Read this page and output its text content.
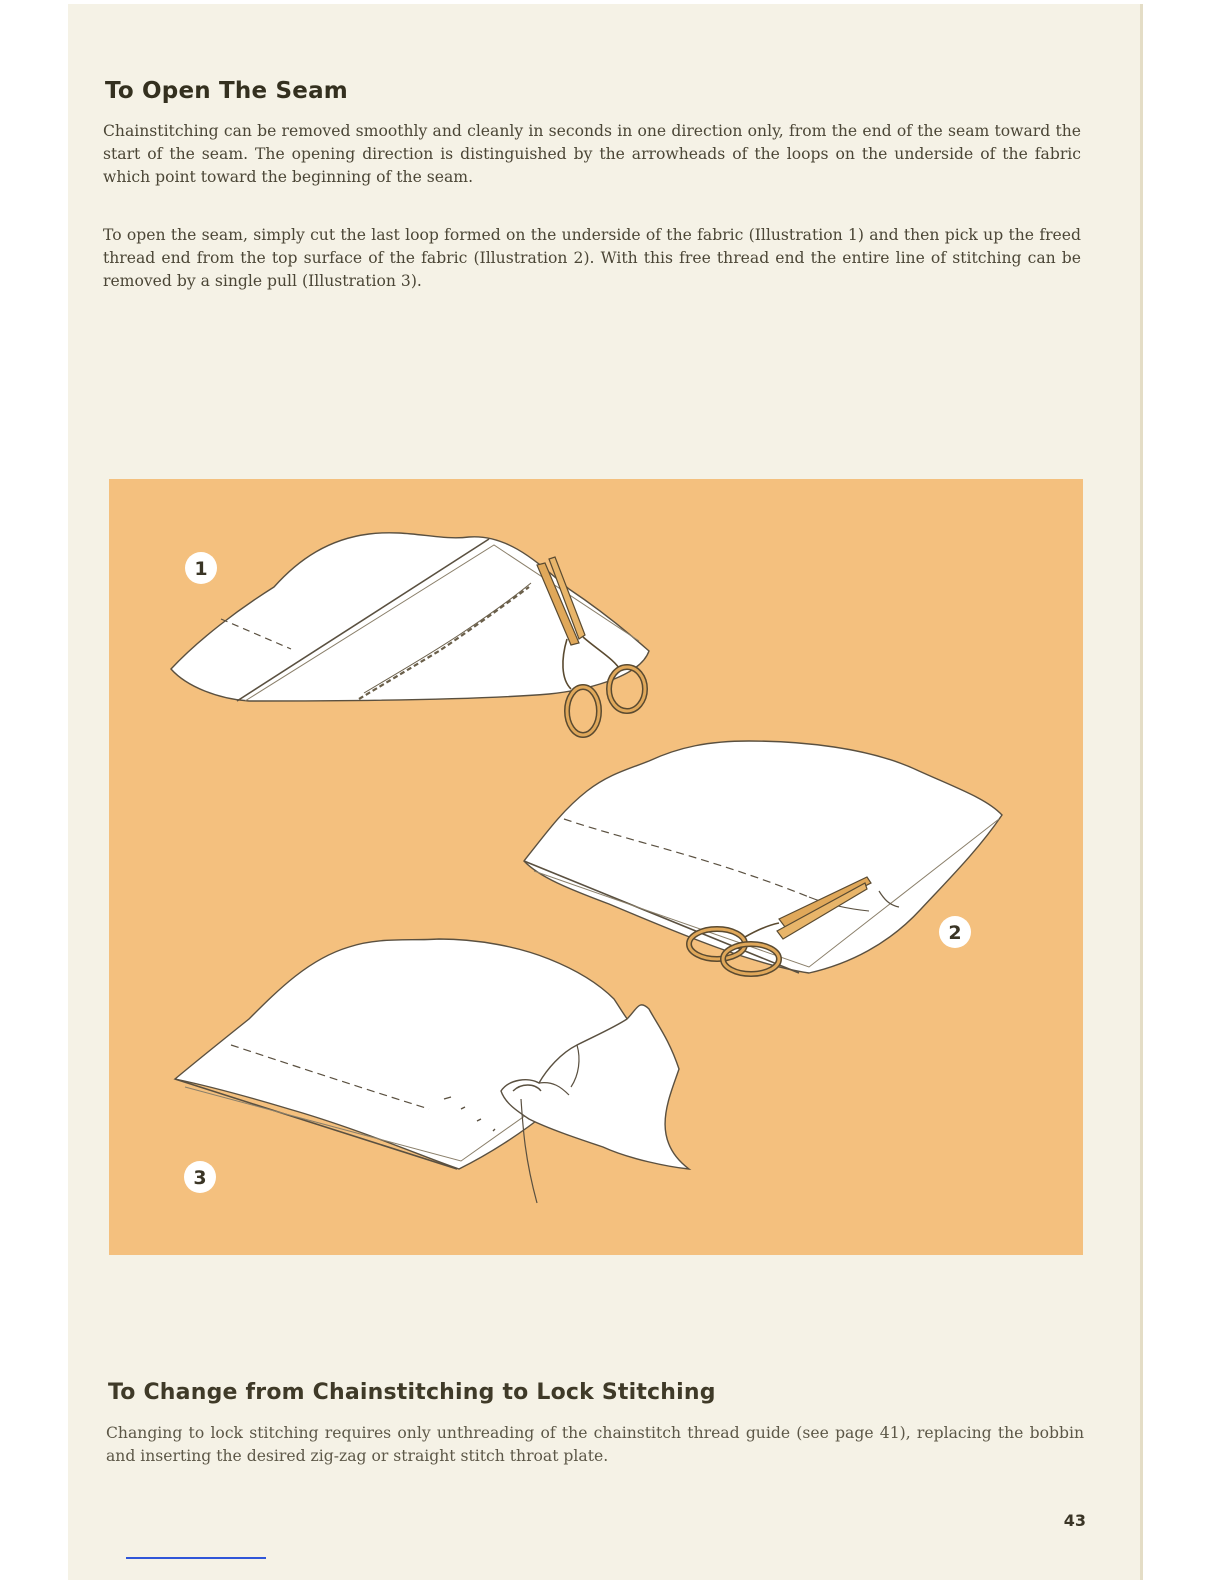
To Open The Seam

Chainstitching can be removed smoothly and cleanly in seconds in one direction only, from the end of the seam toward the start of the seam. The opening direction is distinguished by the arrowheads of the loops on the underside of the fabric which point toward the beginning of the seam.

To open the seam, simply cut the last loop formed on the underside of the fabric (Illustration 1) and then pick up the freed thread end from the top surface of the fabric (Illustration 2). With this free thread end the entire line of stitching can be removed by a single pull (Illustration 3).

1
2
3
To Change from Chainstitching to Lock Stitching

Changing to lock stitching requires only unthreading of the chainstitch thread guide (see page 41), replacing the bobbin and inserting the desired zig-zag or straight stitch throat plate.

43
